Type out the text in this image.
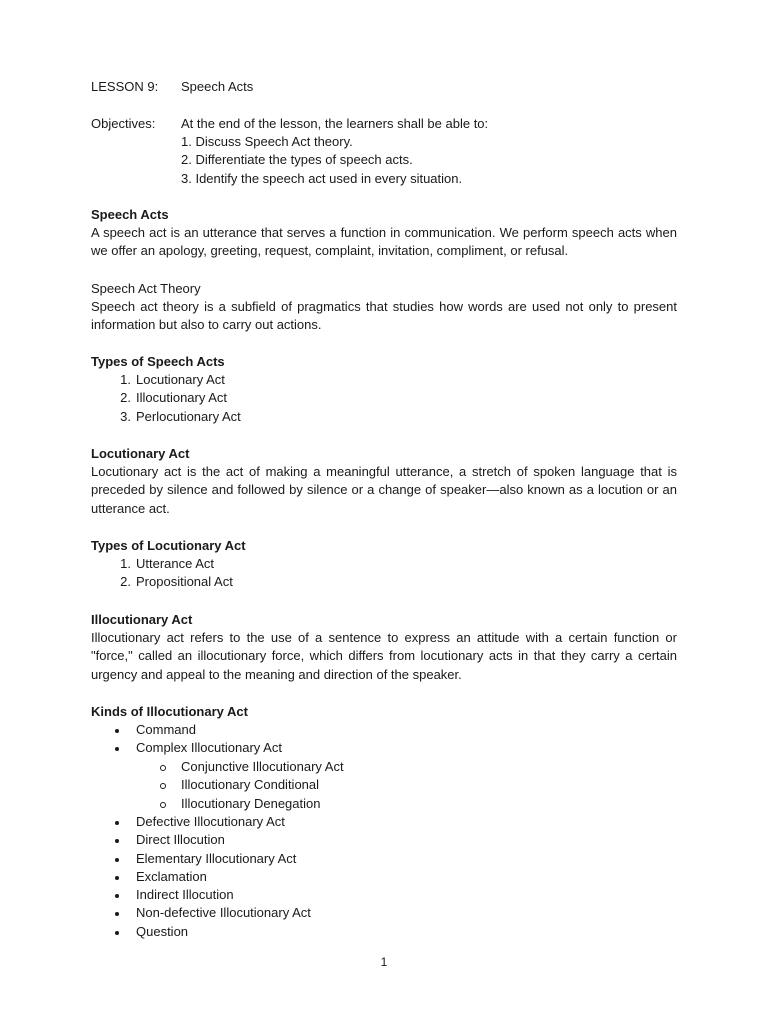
LESSON 9: Speech Acts
Objectives: At the end of the lesson, the learners shall be able to:
1. Discuss Speech Act theory.
2. Differentiate the types of speech acts.
3. Identify the speech act used in every situation.
Speech Acts
A speech act is an utterance that serves a function in communication. We perform speech acts when we offer an apology, greeting, request, complaint, invitation, compliment, or refusal.
Speech Act Theory
Speech act theory is a subfield of pragmatics that studies how words are used not only to present information but also to carry out actions.
Types of Speech Acts
1. Locutionary Act
2. Illocutionary Act
3. Perlocutionary Act
Locutionary Act
Locutionary act is the act of making a meaningful utterance, a stretch of spoken language that is preceded by silence and followed by silence or a change of speaker—also known as a locution or an utterance act.
Types of Locutionary Act
1. Utterance Act
2. Propositional Act
Illocutionary Act
Illocutionary act refers to the use of a sentence to express an attitude with a certain function or "force," called an illocutionary force, which differs from locutionary acts in that they carry a certain urgency and appeal to the meaning and direction of the speaker.
Kinds of Illocutionary Act
Command
Complex Illocutionary Act
Conjunctive Illocutionary Act
Illocutionary Conditional
Illocutionary Denegation
Defective Illocutionary Act
Direct Illocution
Elementary Illocutionary Act
Exclamation
Indirect Illocution
Non-defective Illocutionary Act
Question
1
